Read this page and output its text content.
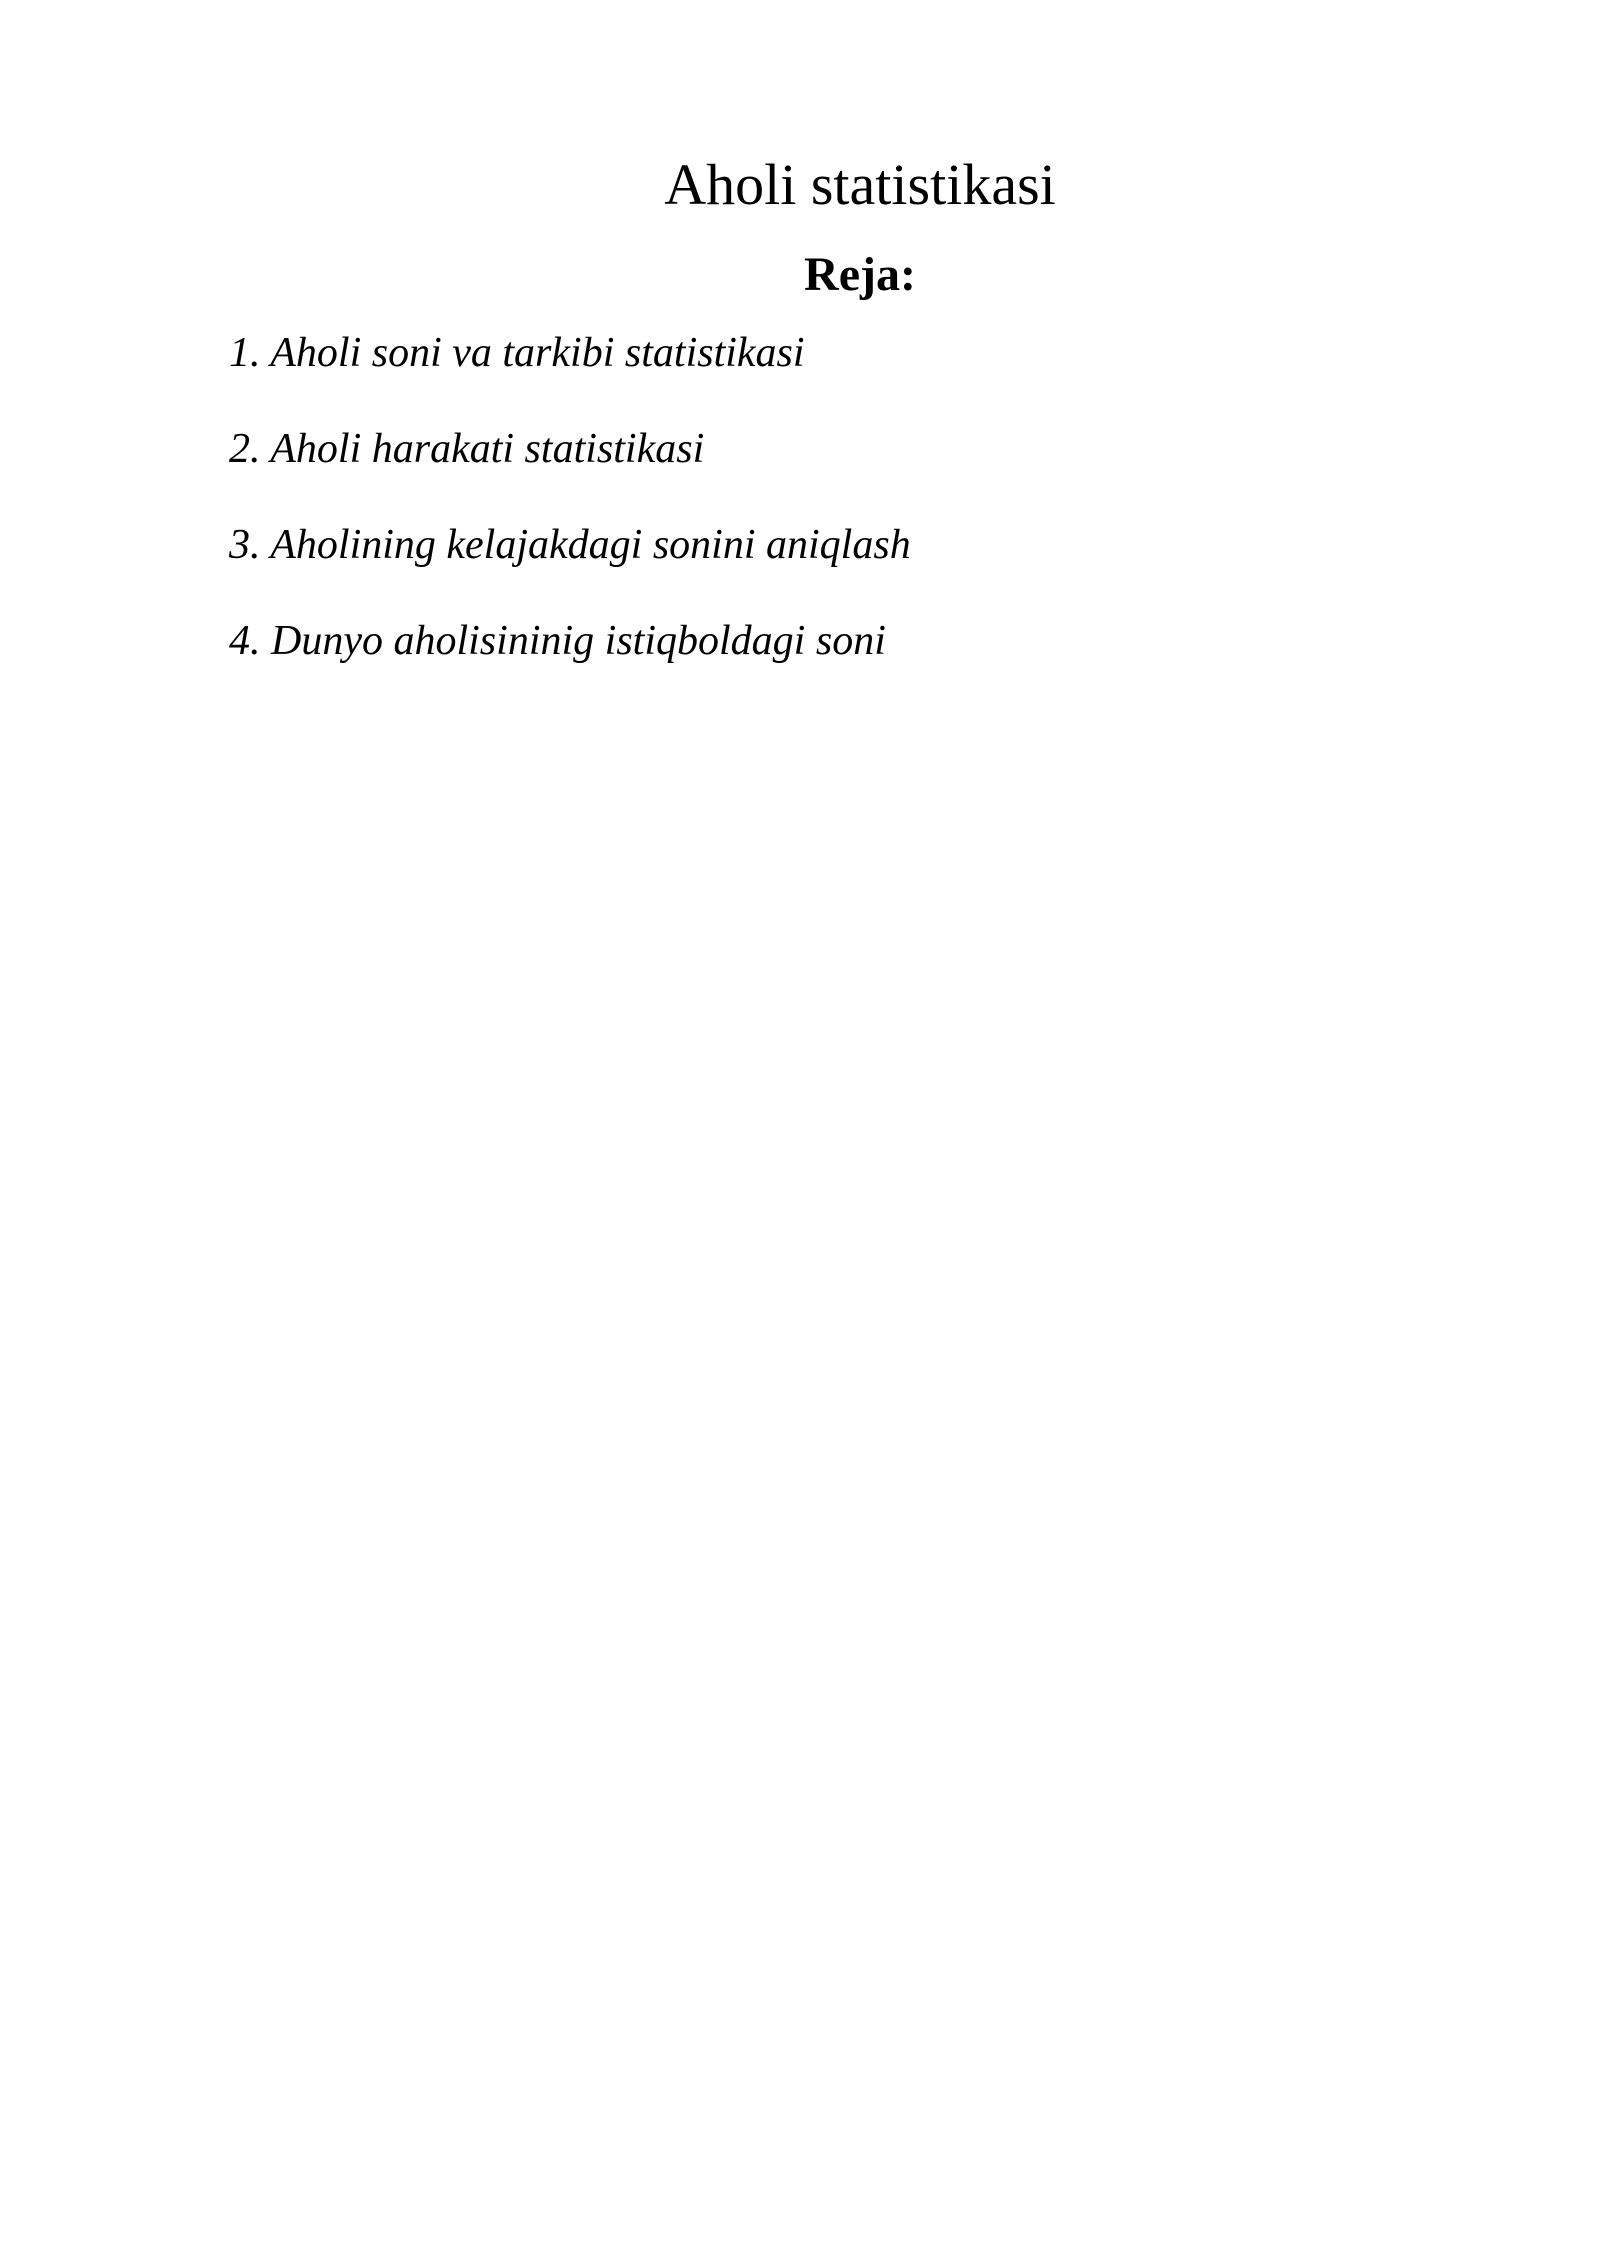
Aholi statistikasi
Reja:
1. Aholi soni va tarkibi statistikasi
2. Aholi harakati statistikasi
3. Aholining kelajakdagi sonini aniqlash
4. Dunyo aholisininig istiqboldagi soni
